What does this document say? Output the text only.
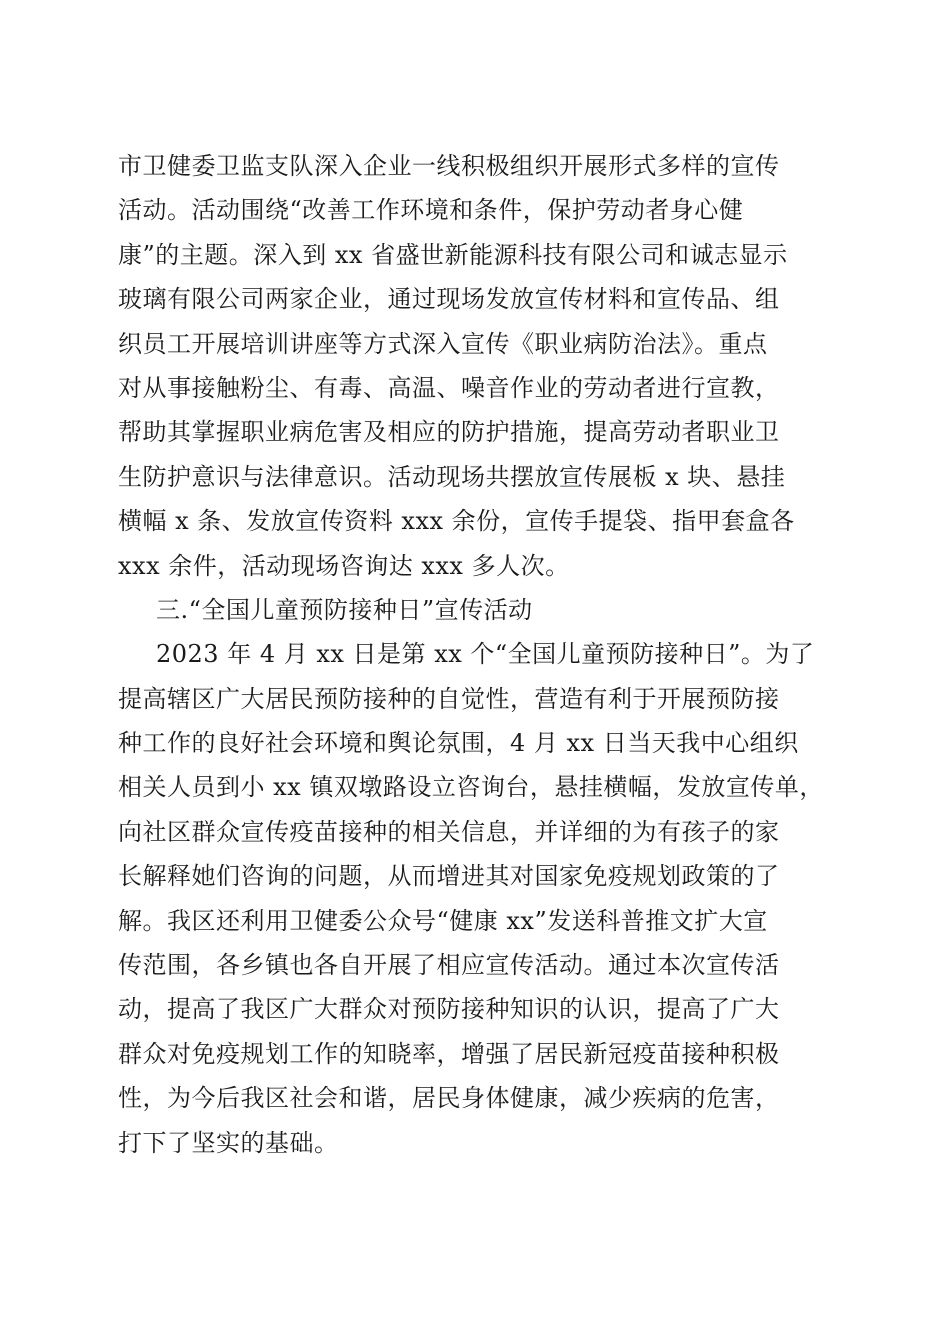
市卫健委卫监支队深入企业一线积极组织开展形式多样的宣传
活动。活动围绕“改善工作环境和条件，保护劳动者身心健
康”的主题。深入到 xx 省盛世新能源科技有限公司和诚志显示
玻璃有限公司两家企业，通过现场发放宣传材料和宣传品、组
织员工开展培训讲座等方式深入宣传《职业病防治法》。重点
对从事接触粉尘、有毒、高温、噪音作业的劳动者进行宣教，
帮助其掌握职业病危害及相应的防护措施，提高劳动者职业卫
生防护意识与法律意识。活动现场共摆放宣传展板 x 块、悬挂
横幅 x 条、发放宣传资料 xxx 余份，宣传手提袋、指甲套盒各
xxx 余件，活动现场咨询达 xxx 多人次。
三.“全国儿童预防接种日”宣传活动
2023 年 4 月 xx 日是第 xx 个“全国儿童预防接种日”。为了
提高辖区广大居民预防接种的自觉性，营造有利于开展预防接
种工作的良好社会环境和舆论氛围，4 月 xx 日当天我中心组织
相关人员到小 xx 镇双墩路设立咨询台，悬挂横幅，发放宣传单，
向社区群众宣传疫苗接种的相关信息，并详细的为有孩子的家
长解释她们咨询的问题，从而增进其对国家免疫规划政策的了
解。我区还利用卫健委公众号“健康 xx”发送科普推文扩大宣
传范围，各乡镇也各自开展了相应宣传活动。通过本次宣传活
动，提高了我区广大群众对预防接种知识的认识，提高了广大
群众对免疫规划工作的知晓率，增强了居民新冠疫苗接种积极
性，为今后我区社会和谐，居民身体健康，减少疾病的危害，
打下了坚实的基础。
